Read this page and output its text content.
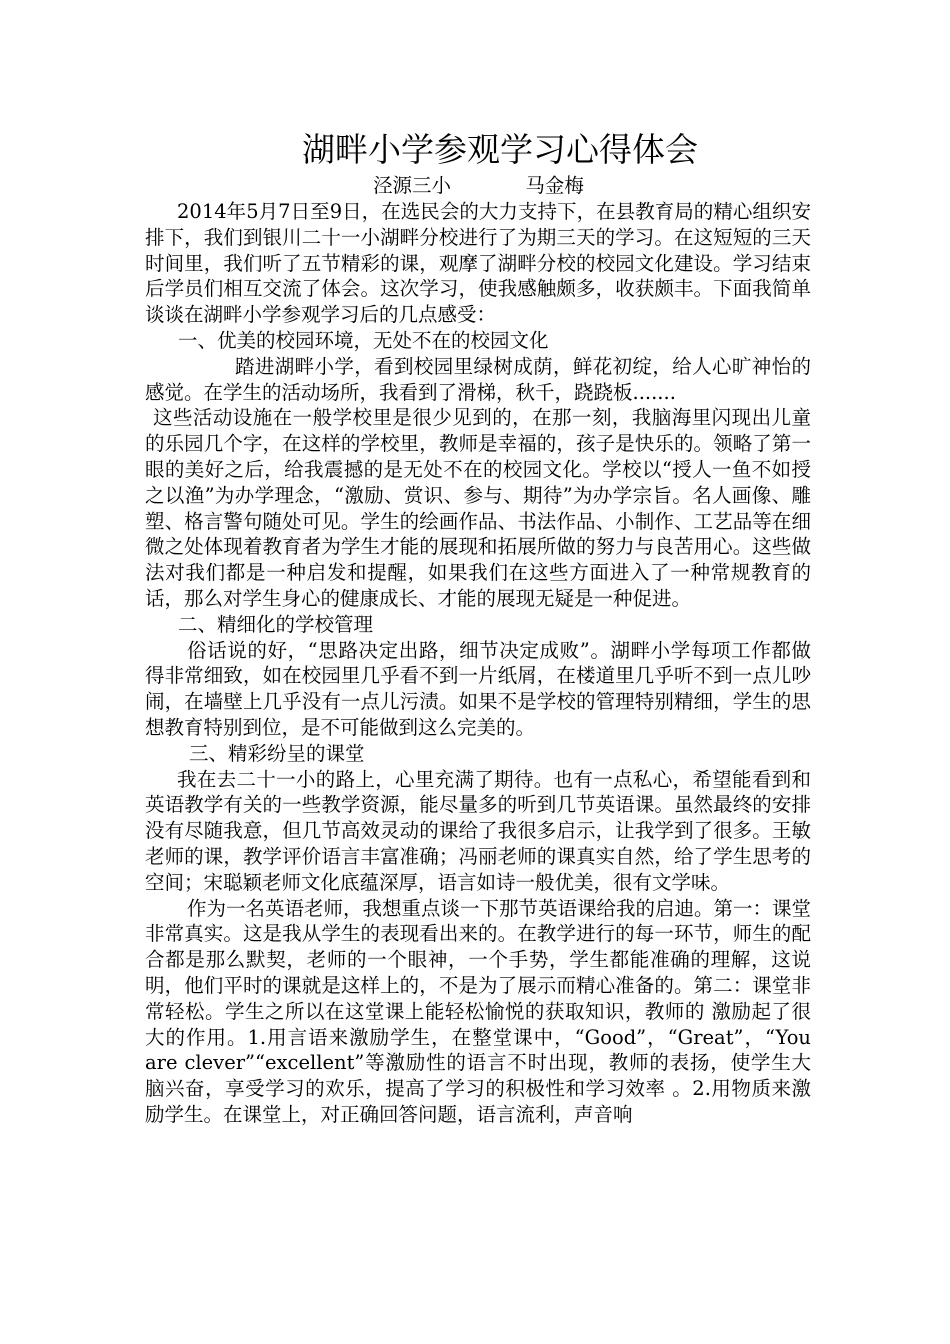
湖畔小学参观学习心得体会
泾源三小            马金梅

2014年5月7日至9日，在选民会的大力支持下，在县教育局的精心组织安排下，我们到银川二十一小湖畔分校进行了为期三天的学习。在这短短的三天时间里，我们听了五节精彩的课，观摩了湖畔分校的校园文化建设。学习结束后学员们相互交流了体会。这次学习，使我感触颇多，收获颇丰。下面我简单谈谈在湖畔小学参观学习后的几点感受：

一、优美的校园环境，无处不在的校园文化

踏进湖畔小学，看到校园里绿树成荫，鲜花初绽，给人心旷神怡的感觉。在学生的活动场所，我看到了滑梯，秋千，跷跷板.......

这些活动设施在一般学校里是很少见到的，在那一刻，我脑海里闪现出儿童的乐园几个字，在这样的学校里，教师是幸福的，孩子是快乐的。领略了第一眼的美好之后，给我震撼的是无处不在的校园文化。学校以“授人一鱼不如授之以渔”为办学理念，“激励、赏识、参与、期待”为办学宗旨。名人画像、雕塑、格言警句随处可见。学生的绘画作品、书法作品、小制作、工艺品等在细微之处体现着教育者为学生才能的展现和拓展所做的努力与良苦用心。这些做法对我们都是一种启发和提醒，如果我们在这些方面进入了一种常规教育的话，那么对学生身心的健康成长、才能的展现无疑是一种促进。

二、精细化的学校管理

俗话说的好，“思路决定出路，细节决定成败”。湖畔小学每项工作都做得非常细致，如在校园里几乎看不到一片纸屑，在楼道里几乎听不到一点儿吵闹，在墙壁上几乎没有一点儿污渍。如果不是学校的管理特别精细，学生的思想教育特别到位，是不可能做到这么完美的。

三、精彩纷呈的课堂

我在去二十一小的路上，心里充满了期待。也有一点私心，希望能看到和英语教学有关的一些教学资源，能尽量多的听到几节英语课。虽然最终的安排没有尽随我意，但几节高效灵动的课给了我很多启示，让我学到了很多。王敏老师的课，教学评价语言丰富准确；冯丽老师的课真实自然，给了学生思考的空间；宋聪颖老师文化底蕴深厚，语言如诗一般优美，很有文学味。

作为一名英语老师，我想重点谈一下那节英语课给我的启迪。第一：课堂非常真实。这是我从学生的表现看出来的。在教学进行的每一环节，师生的配合都是那么默契，老师的一个眼神，一个手势，学生都能准确的理解，这说明，他们平时的课就是这样上的，不是为了展示而精心准备的。第二：课堂非常轻松。学生之所以在这堂课上能轻松愉悦的获取知识，教师的 激励起了很大的作用。1.用言语来激励学生，在整堂课中，“Good”，“Great”，“You are clever”“excellent”等激励性的语言不时出现，教师的表扬，使学生大脑兴奋，享受学习的欢乐，提高了学习的积极性和学习效率 。2.用物质来激励学生。在课堂上，对正确回答问题，语言流利，声音响
